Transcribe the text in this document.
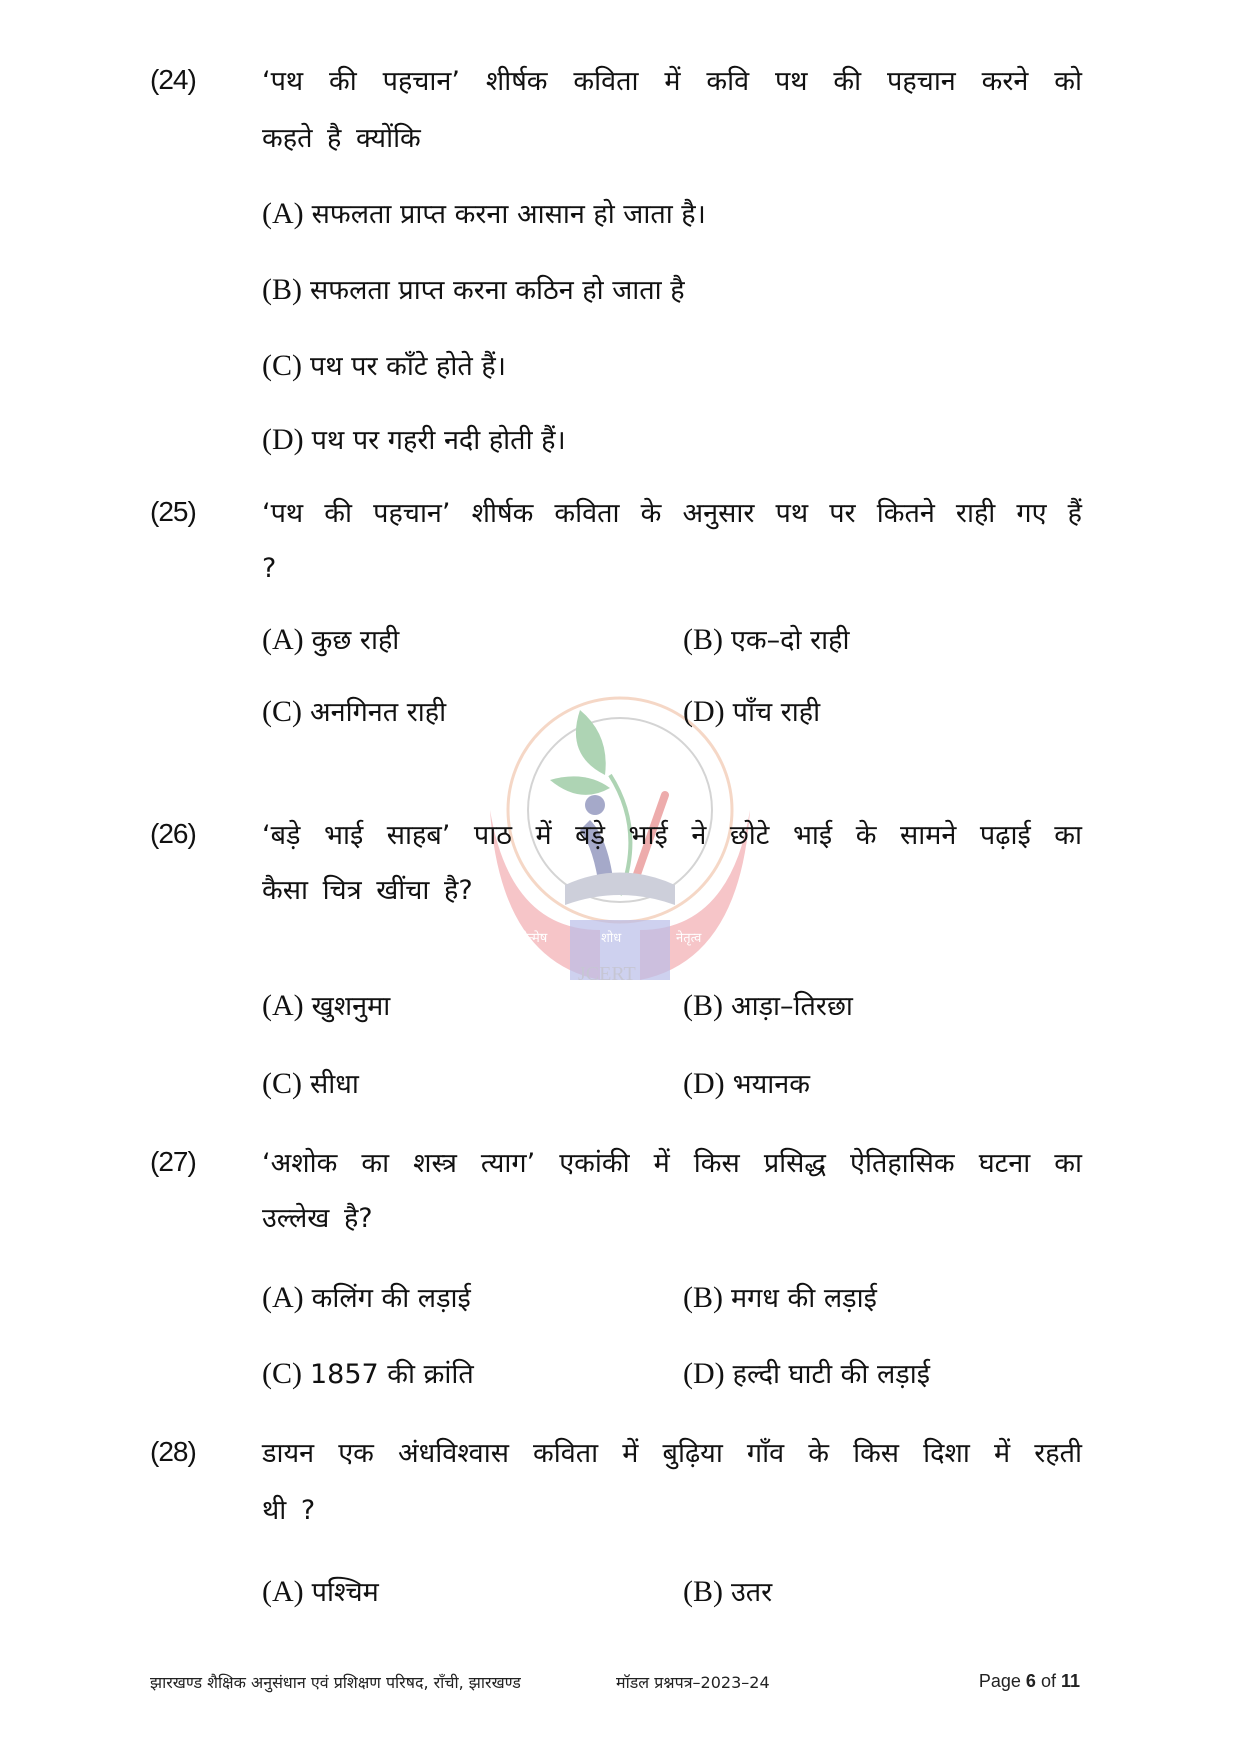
नवोन्मेष	शोध	नेतृत्व
JCERT
(24) ‘पथ की पहचान’ शीर्षक कविता में कवि पथ की पहचान करने को
कहते है क्योंकि
(A) सफलता प्राप्त करना आसान हो जाता है।
(B) सफलता प्राप्त करना कठिन हो जाता है
(C) पथ पर काँटे होते हैं।
(D) पथ पर गहरी नदी होती हैं।
(25) ‘पथ की पहचान’ शीर्षक कविता के अनुसार पथ पर कितने राही गए हैं
?
(A) कुछ राही	(B) एक–दो राही
(C) अनगिनत राही	(D) पाँच राही
(26) ‘बड़े भाई साहब’ पाठ में बड़े भाई ने छोटे भाई के सामने पढ़ाई का
कैसा चित्र खींचा है?
(A) खुशनुमा	(B) आड़ा–तिरछा
(C) सीधा	(D) भयानक
(27) ‘अशोक का शस्त्र त्याग’ एकांकी में किस प्रसिद्ध ऐतिहासिक घटना का
उल्लेख है?
(A) कलिंग की लड़ाई	(B) मगध की लड़ाई
(C) 1857 की क्रांति	(D) हल्दी घाटी की लड़ाई
(28) डायन एक अंधविश्वास कविता में बुढ़िया गाँव के किस दिशा में रहती
थी ?
(A) पश्चिम	(B) उतर
झारखण्ड शैक्षिक अनुसंधान एवं प्रशिक्षण परिषद, राँची, झारखण्ड	मॉडल प्रश्नपत्र–2023–24	Page 6 of 11
